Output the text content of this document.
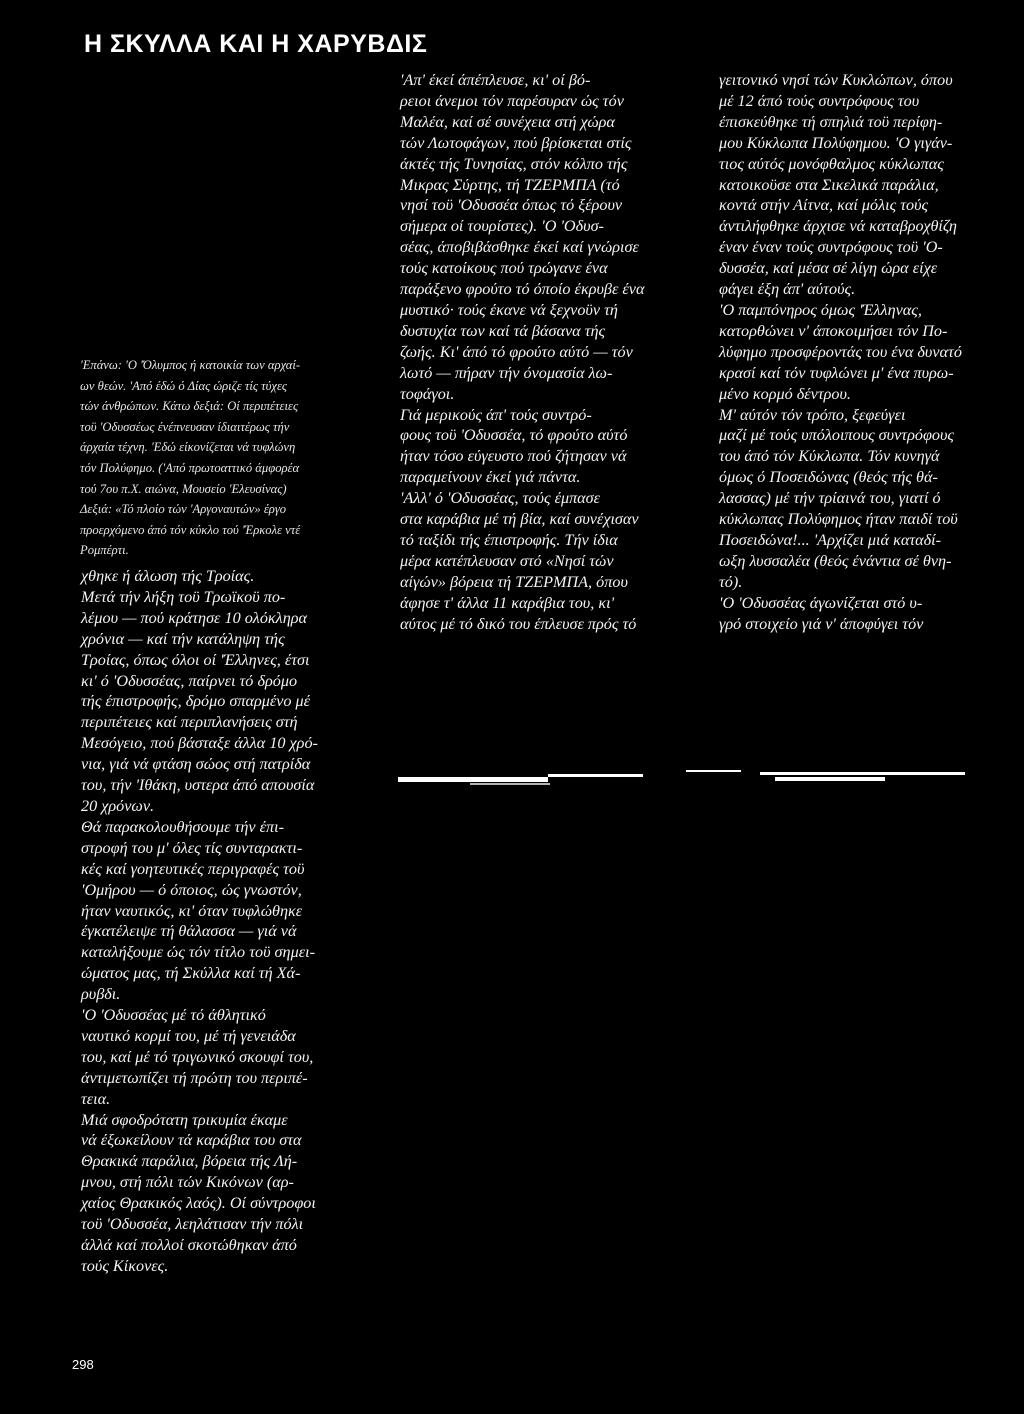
Η ΣΚΥΛΛΑ ΚΑΙ Η ΧΑΡΥΒΔΙΣ
'Επάνω: 'Ο 'Όλυμπος ή κατοικία των αρχαί-
ων θεών. 'Από έδώ ό Δίας ώριζε τίς τύχες
τών άνθρώπων. Κάτω δεξιά: Οί περιπέτειες
τοϋ 'Οδυσσέως ένέπνευσαν ίδιαιτέρως τήν
άρχαία τέχνη. 'Εδώ είκονίζεται νά τυφλώνη
τόν Πολύφημο. ('Από πρωτοαττικό άμφορέα
τού 7ου π.Χ. αιώνα, Μουσείο 'Ελευσίνας)
Δεξιά: «Τό πλοίο τών 'Αργοναυτών» έργο
προερχόμενο άπό τόν κύκλο τού 'Έρκολε ντέ
Ρομπέρτι.
χθηκε ή άλωση τής Τροίας.
Μετά τήν λήξη τοϋ Τρωϊκοϋ πο-
λέμου — πού κράτησε 10 ολόκληρα
χρόνια — καί τήν κατάληψη τής
Τροίας, όπως όλοι οί 'Έλληνες, έτσι
κι' ό 'Οδυσσέας, παίρνει τό δρόμο
τής έπιστροφής, δρόμο σπαρμένο μέ
περιπέτειες καί περιπλανήσεις στή
Μεσόγειο, πού βάσταξε άλλα 10 χρό-
νια, γιά νά φτάση σώος στή πατρίδα
του, τήν 'Ιθάκη, υστερα άπό απουσία
20 χρόνων.
Θά παρακολουθήσουμε τήν έπι-
στροφή του μ' όλες τίς συνταρακτι-
κές καί γοητευτικές περιγραφές τοϋ
'Ομήρου — ό όποιος, ώς γνωστόν,
ήταν ναυτικός, κι' όταν τυφλώθηκε
έγκατέλειψε τή θάλασσα — γιά νά
καταλήξουμε ώς τόν τίτλο τοϋ σημει-
ώματος μας, τή Σκύλλα καί τή Χά-
ρυβδι.
'Ο 'Οδυσσέας μέ τό άθλητικό
ναυτικό κορμί του, μέ τή γενειάδα
του, καί μέ τό τριγωνικό σκουφί του,
άντιμετωπίζει τή πρώτη του περιπέ-
τεια.
Μιά σφοδρότατη τρικυμία έκαμε
νά έξωκείλουν τά καράβια του στα
Θρακικά παράλια, βόρεια τής Λή-
μνου, στή πόλι τών Κικόνων (αρ-
χαίος Θρακικός λαός). Οί σύντροφοι
τοϋ 'Οδυσσέα, λεηλάτισαν τήν πόλι
άλλά καί πολλοί σκοτώθηκαν άπό
τούς Κίκονες.
'Απ' έκεί άπέπλευσε, κι' οί βό-
ρειοι άνεμοι τόν παρέσυραν ώς τόν
Μαλέα, καί σέ συνέχεια στή χώρα
τών Λωτοφάγων, πού βρίσκεται στίς
άκτές τής Τυνησίας, στόν κόλπο τής
Μικρας Σύρτης, τή ΤΖΕΡΜΠΑ (τό
νησί τοϋ 'Οδυσσέα όπως τό ξέρουν
σήμερα οί τουρίστες). 'Ο 'Οδυσ-
σέας, άποβιβάσθηκε έκεί καί γνώρισε
τούς κατοίκους πού τρώγανε ένα
παράξενο φρούτο τό όποίο έκρυβε ένα
μυστικό· τούς έκανε νά ξεχνοϋν τή
δυστυχία των καί τά βάσανα τής
ζωής. Κι' άπό τό φρούτο αύτό — τόν
λωτό — πήραν τήν όνομασία λω-
τοφάγοι.
Γιά μερικούς άπ' τούς συντρό-
φους τοϋ 'Οδυσσέα, τό φρούτο αύτό
ήταν τόσο εύγευστο πού ζήτησαν νά
παραμείνουν έκεί γιά πάντα.
'Αλλ' ό 'Οδυσσέας, τούς έμπασε
στα καράβια μέ τή βία, καί συνέχισαν
τό ταξίδι τής έπιστροφής. Τήν ίδια
μέρα κατέπλευσαν στό «Νησί τών
αίγών» βόρεια τή ΤΖΕΡΜΠΑ, όπου
άφησε τ' άλλα 11 καράβια του, κι'
αύτος μέ τό δικό του έπλευσε πρός τό
γειτονικό νησί τών Κυκλώπων, όπου
μέ 12 άπό τούς συντρόφους του
έπισκεύθηκε τή σπηλιά τοϋ περίφη-
μου Κύκλωπα Πολύφημου. 'Ο γιγάν-
τιος αύτός μονόφθαλμος κύκλωπας
κατοικοϋσε στα Σικελικά παράλια,
κοντά στήν Αίτνα, καί μόλις τούς
άντιλήφθηκε άρχισε νά καταβροχθίζη
έναν έναν τούς συντρόφους τοϋ 'Ο-
δυσσέα, καί μέσα σέ λίγη ώρα είχε
φάγει έξη άπ' αύτούς.
'Ο παμπόνηρος όμως 'Έλληνας,
κατορθώνει ν' άποκοιμήσει τόν Πο-
λύφημο προσφέροντάς του ένα δυνατό
κρασί καί τόν τυφλώνει μ' ένα πυρω-
μένο κορμό δέντρου.
Μ' αύτόν τόν τρόπο, ξεφεύγει
μαζί μέ τούς υπόλοιπους συντρόφους
του άπό τόν Κύκλωπα. Τόν κυνηγά
όμως ό Ποσειδώνας (θεός τής θά-
λασσας) μέ τήν τρίαινά του, γιατί ό
κύκλωπας Πολύφημος ήταν παιδί τοϋ
Ποσειδώνα!... 'Αρχίζει μιά καταδί-
ωξη λυσσαλέα (θεός ένάντια σέ θνη-
τό).
'Ο 'Οδυσσέας άγωνίζεται στό υ-
γρό στοιχείο γιά ν' άποφύγει τόν
298
